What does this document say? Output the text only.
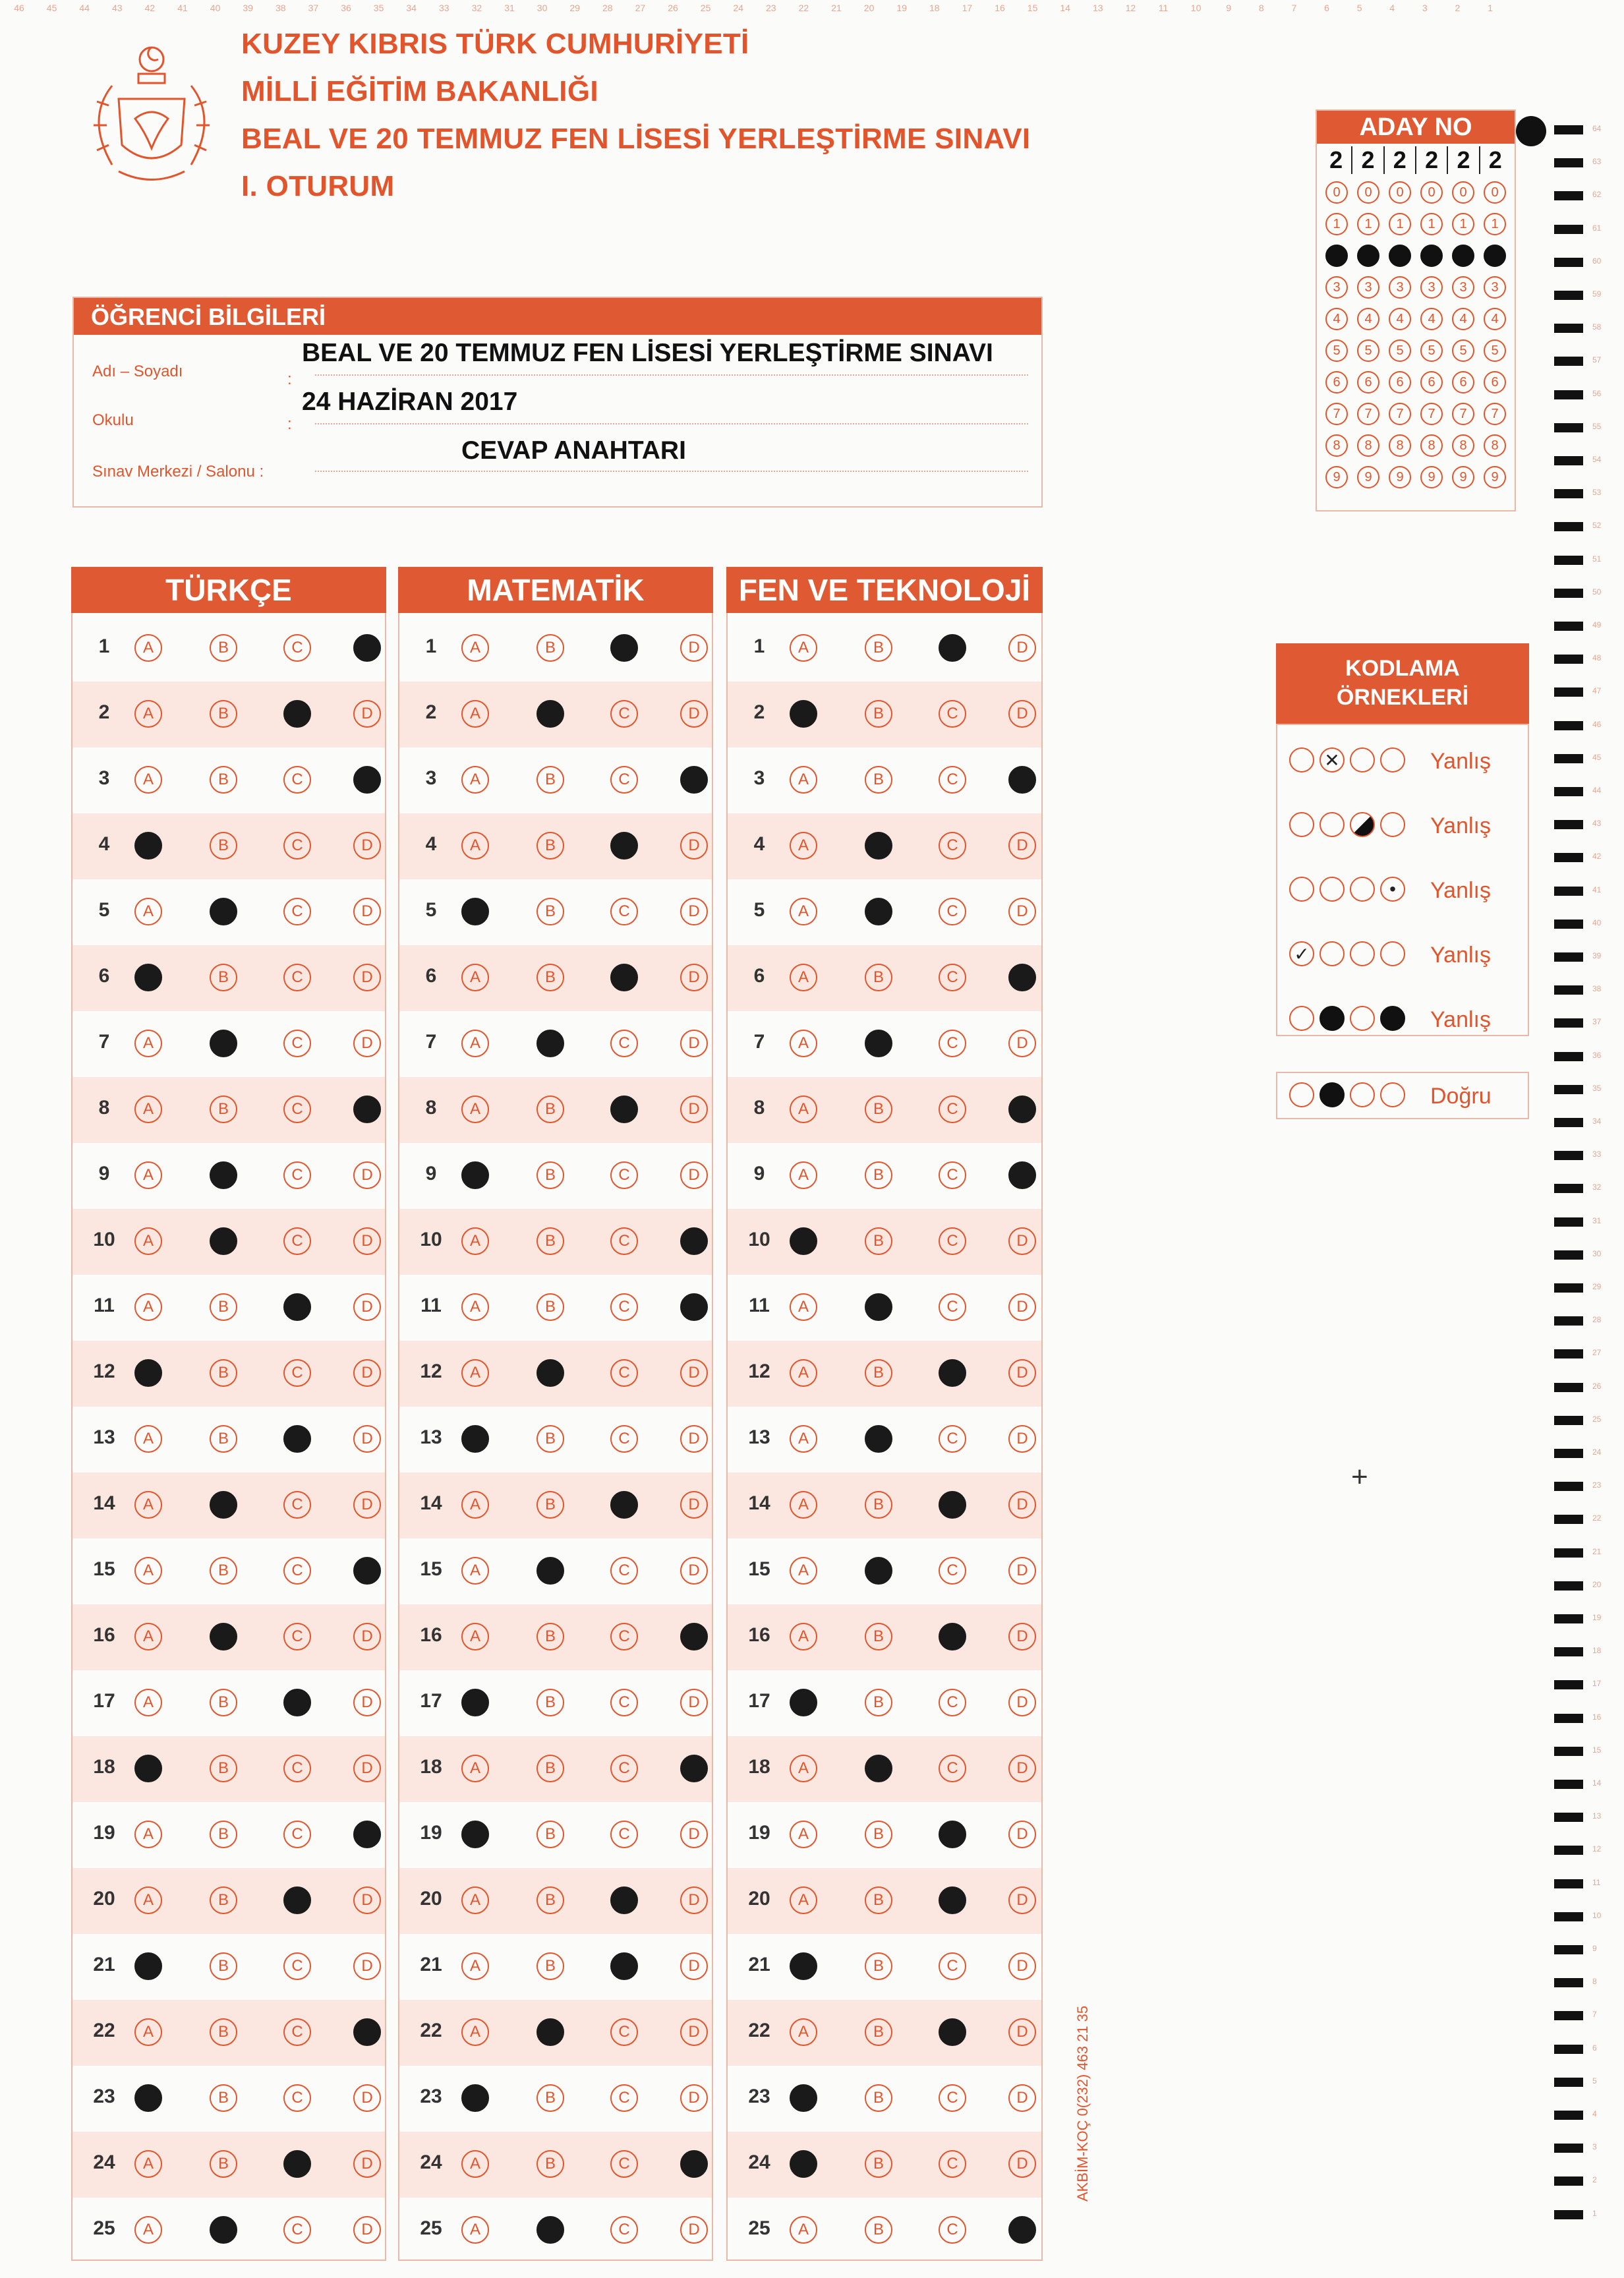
46	45	44	43	42	41	40	39	38	37	36	35	34	33	32	31	30	29	28	27	26	25	24	23	22	21	20	19	18	17	16	15	14	13	12	11	10	9	8	7	6	5	4	3	2	1
KUZEY KIBRIS TÜRK CUMHURİYETİ
MİLLİ EĞİTİM BAKANLIĞI
BEAL VE 20 TEMMUZ FEN LİSESİ YERLEŞTİRME SINAVI
I. OTURUM
ÖĞRENCİ BİLGİLERİ
Adı – Soyadı	:
BEAL VE 20 TEMMUZ FEN LİSESİ YERLEŞTİRME SINAVI
Okulu	:
24 HAZİRAN 2017
Sınav Merkezi / Salonu :
CEVAP ANAHTARI
ADAY NO
2 2 2 2 2 2
0	0	0	0	0	0
1	1	1	1	1	1
2	2	2	2	2	2
3	3	3	3	3	3
4	4	4	4	4	4
5	5	5	5	5	5
6	6	6	6	6	6
7	7	7	7	7	7
8	8	8	8	8	8
9	9	9	9	9	9
TÜRKÇE
1	A	B	C	D
2	A	B	C	D
3	A	B	C	D
4	A	B	C	D
5	A	B	C	D
6	A	B	C	D
7	A	B	C	D
8	A	B	C	D
9	A	B	C	D
10	A	B	C	D
11	A	B	C	D
12	A	B	C	D
13	A	B	C	D
14	A	B	C	D
15	A	B	C	D
16	A	B	C	D
17	A	B	C	D
18	A	B	C	D
19	A	B	C	D
20	A	B	C	D
21	A	B	C	D
22	A	B	C	D
23	A	B	C	D
24	A	B	C	D
25	A	B	C	D
MATEMATİK
1	A	B	C	D
2	A	B	C	D
3	A	B	C	D
4	A	B	C	D
5	A	B	C	D
6	A	B	C	D
7	A	B	C	D
8	A	B	C	D
9	A	B	C	D
10	A	B	C	D
11	A	B	C	D
12	A	B	C	D
13	A	B	C	D
14	A	B	C	D
15	A	B	C	D
16	A	B	C	D
17	A	B	C	D
18	A	B	C	D
19	A	B	C	D
20	A	B	C	D
21	A	B	C	D
22	A	B	C	D
23	A	B	C	D
24	A	B	C	D
25	A	B	C	D
FEN VE TEKNOLOJİ
1	A	B	C	D
2	A	B	C	D
3	A	B	C	D
4	A	B	C	D
5	A	B	C	D
6	A	B	C	D
7	A	B	C	D
8	A	B	C	D
9	A	B	C	D
10	A	B	C	D
11	A	B	C	D
12	A	B	C	D
13	A	B	C	D
14	A	B	C	D
15	A	B	C	D
16	A	B	C	D
17	A	B	C	D
18	A	B	C	D
19	A	B	C	D
20	A	B	C	D
21	A	B	C	D
22	A	B	C	D
23	A	B	C	D
24	A	B	C	D
25	A	B	C	D
KODLAMA
ÖRNEKLERİ
✕	Yanlış
Yanlış
•	Yanlış
✓	Yanlış
Yanlış
Doğru
+
64
63
62
61
60
59
58
57
56
55
54
53
52
51
50
49
48
47
46
45
44
43
42
41
40
39
38
37
36
35
34
33
32
31
30
29
28
27
26
25
24
23
22
21
20
19
18
17
16
15
14
13
12
11
10
9
8
7
6
5
4
3
2
1
AKBİM-KOÇ 0(232) 463 21 35
